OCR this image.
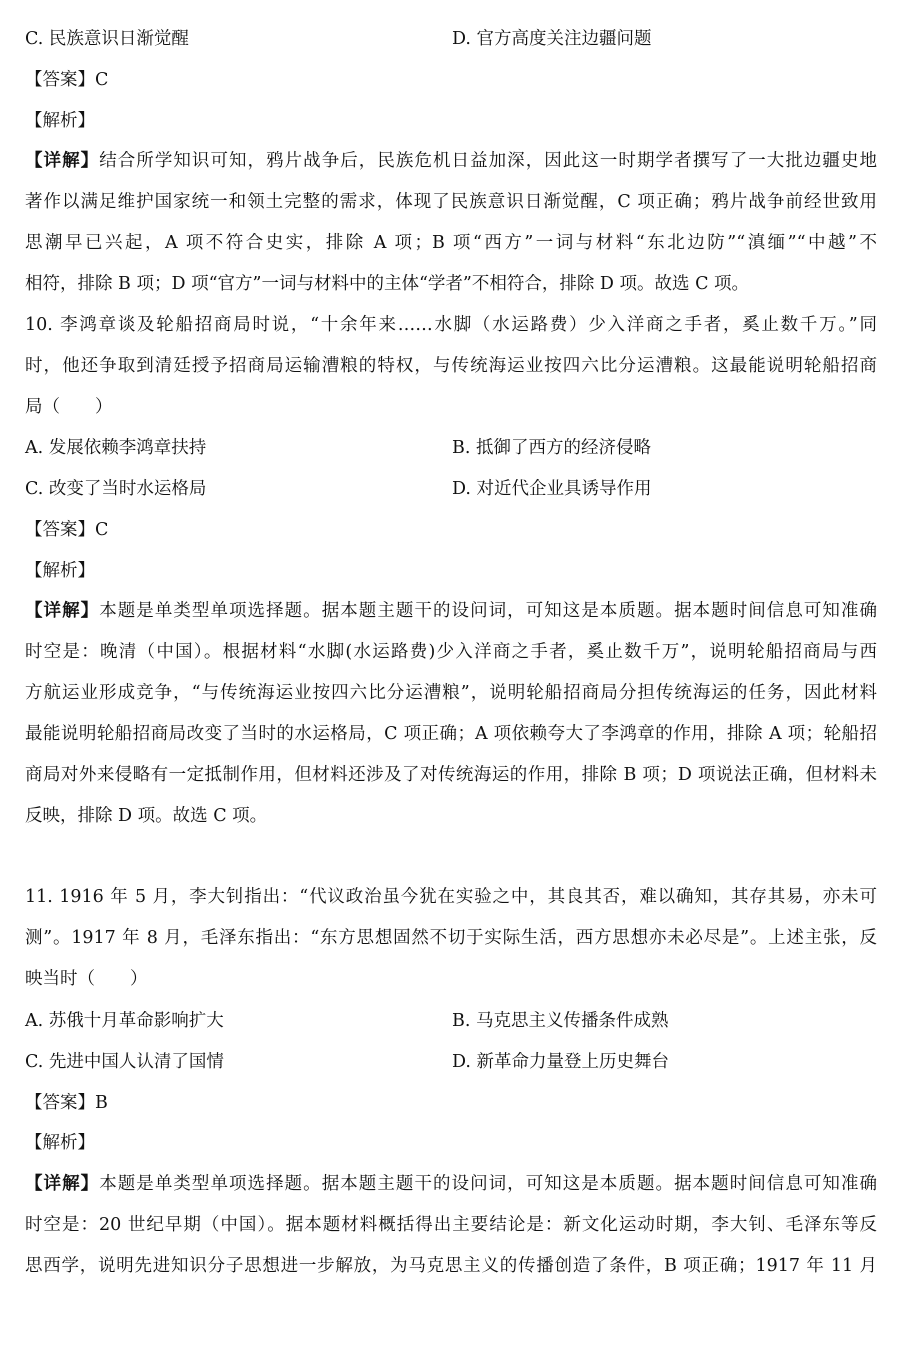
C. 民族意识日渐觉醒	D. 官方高度关注边疆问题
【答案】C
【解析】
【详解】结合所学知识可知，鸦片战争后，民族危机日益加深，因此这一时期学者撰写了一大批边疆史地
著作以满足维护国家统一和领土完整的需求，体现了民族意识日渐觉醒，C 项正确；鸦片战争前经世致用
思潮早已兴起，A 项不符合史实，排除 A 项；B 项“西方”一词与材料“东北边防”“滇缅”“中越”不
相符，排除 B 项；D 项“官方”一词与材料中的主体“学者”不相符合，排除 D 项。故选 C 项。
10. 李鸿章谈及轮船招商局时说，“十余年来……水脚（水运路费）少入洋商之手者，奚止数千万。”同
时，他还争取到清廷授予招商局运输漕粮的特权，与传统海运业按四六比分运漕粮。这最能说明轮船招商
局（　　）
A. 发展依赖李鸿章扶持	B. 抵御了西方的经济侵略
C. 改变了当时水运格局	D. 对近代企业具诱导作用
【答案】C
【解析】
【详解】本题是单类型单项选择题。据本题主题干的设问词，可知这是本质题。据本题时间信息可知准确
时空是：晚清（中国）。根据材料“水脚(水运路费)少入洋商之手者，奚止数千万”，说明轮船招商局与西
方航运业形成竞争，“与传统海运业按四六比分运漕粮”，说明轮船招商局分担传统海运的任务，因此材料
最能说明轮船招商局改变了当时的水运格局，C 项正确；A 项依赖夸大了李鸿章的作用，排除 A 项；轮船招
商局对外来侵略有一定抵制作用，但材料还涉及了对传统海运的作用，排除 B 项；D 项说法正确，但材料未
反映，排除 D 项。故选 C 项。
11. 1916 年 5 月，李大钊指出：“代议政治虽今犹在实验之中，其良其否，难以确知，其存其易，亦未可
测”。1917 年 8 月，毛泽东指出：“东方思想固然不切于实际生活，西方思想亦未必尽是”。上述主张，反
映当时（　　）
A. 苏俄十月革命影响扩大	B. 马克思主义传播条件成熟
C. 先进中国人认清了国情	D. 新革命力量登上历史舞台
【答案】B
【解析】
【详解】本题是单类型单项选择题。据本题主题干的设问词，可知这是本质题。据本题时间信息可知准确
时空是：20 世纪早期（中国）。据本题材料概括得出主要结论是：新文化运动时期，李大钊、毛泽东等反
思西学，说明先进知识分子思想进一步解放，为马克思主义的传播创造了条件，B 项正确；1917 年 11 月
